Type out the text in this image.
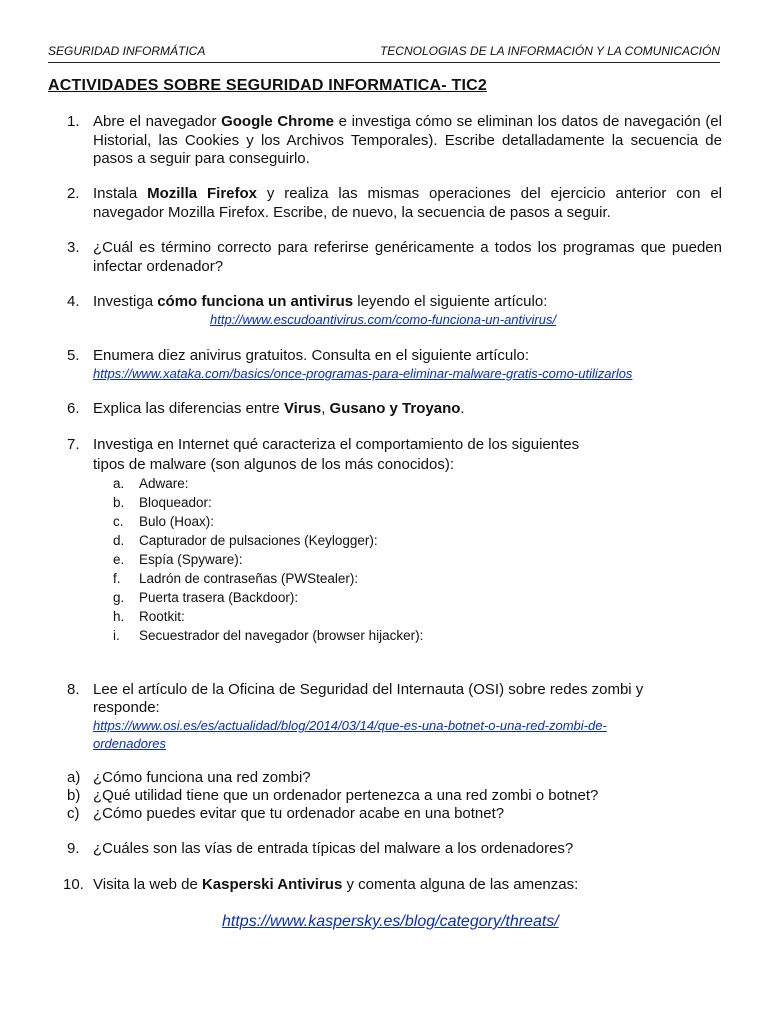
SEGURIDAD INFORMÁTICA	TECNOLOGIAS DE LA INFORMACIÓN Y LA COMUNICACIÓN
ACTIVIDADES SOBRE SEGURIDAD INFORMATICA- TIC2
1. Abre el navegador Google Chrome e investiga cómo se eliminan los datos de navegación (el Historial, las Cookies y los Archivos Temporales). Escribe detalladamente la secuencia de pasos a seguir para conseguirlo.
2. Instala Mozilla Firefox y realiza las mismas operaciones del ejercicio anterior con el navegador Mozilla Firefox. Escribe, de nuevo, la secuencia de pasos a seguir.
3. ¿Cuál es término correcto para referirse genéricamente a todos los programas que pueden infectar ordenador?
4. Investiga cómo funciona un antivirus leyendo el siguiente artículo:
http://www.escudoantivirus.com/como-funciona-un-antivirus/
5. Enumera diez anivirus gratuitos. Consulta en el siguiente artículo:
https://www.xataka.com/basics/once-programas-para-eliminar-malware-gratis-como-utilizarlos
6. Explica las diferencias entre Virus, Gusano y Troyano.
7. Investiga en Internet qué caracteriza el comportamiento de los siguientes
tipos de malware (son algunos de los más conocidos):
a. Adware:
b. Bloqueador:
c. Bulo (Hoax):
d. Capturador de pulsaciones (Keylogger):
e. Espía (Spyware):
f. Ladrón de contraseñas (PWStealer):
g. Puerta trasera (Backdoor):
h. Rootkit:
i. Secuestrador del navegador (browser hijacker):
8. Lee el artículo de la Oficina de Seguridad del Internauta (OSI) sobre redes zombi y
responde:
https://www.osi.es/es/actualidad/blog/2014/03/14/que-es-una-botnet-o-una-red-zombi-de-
ordenadores
a) ¿Cómo funciona una red zombi?
b) ¿Qué utilidad tiene que un ordenador pertenezca a una red zombi o botnet?
c) ¿Cómo puedes evitar que tu ordenador acabe en una botnet?
9. ¿Cuáles son las vías de entrada típicas del malware a los ordenadores?
10. Visita la web de Kasperski Antivirus y comenta alguna de las amenzas:
https://www.kaspersky.es/blog/category/threats/
